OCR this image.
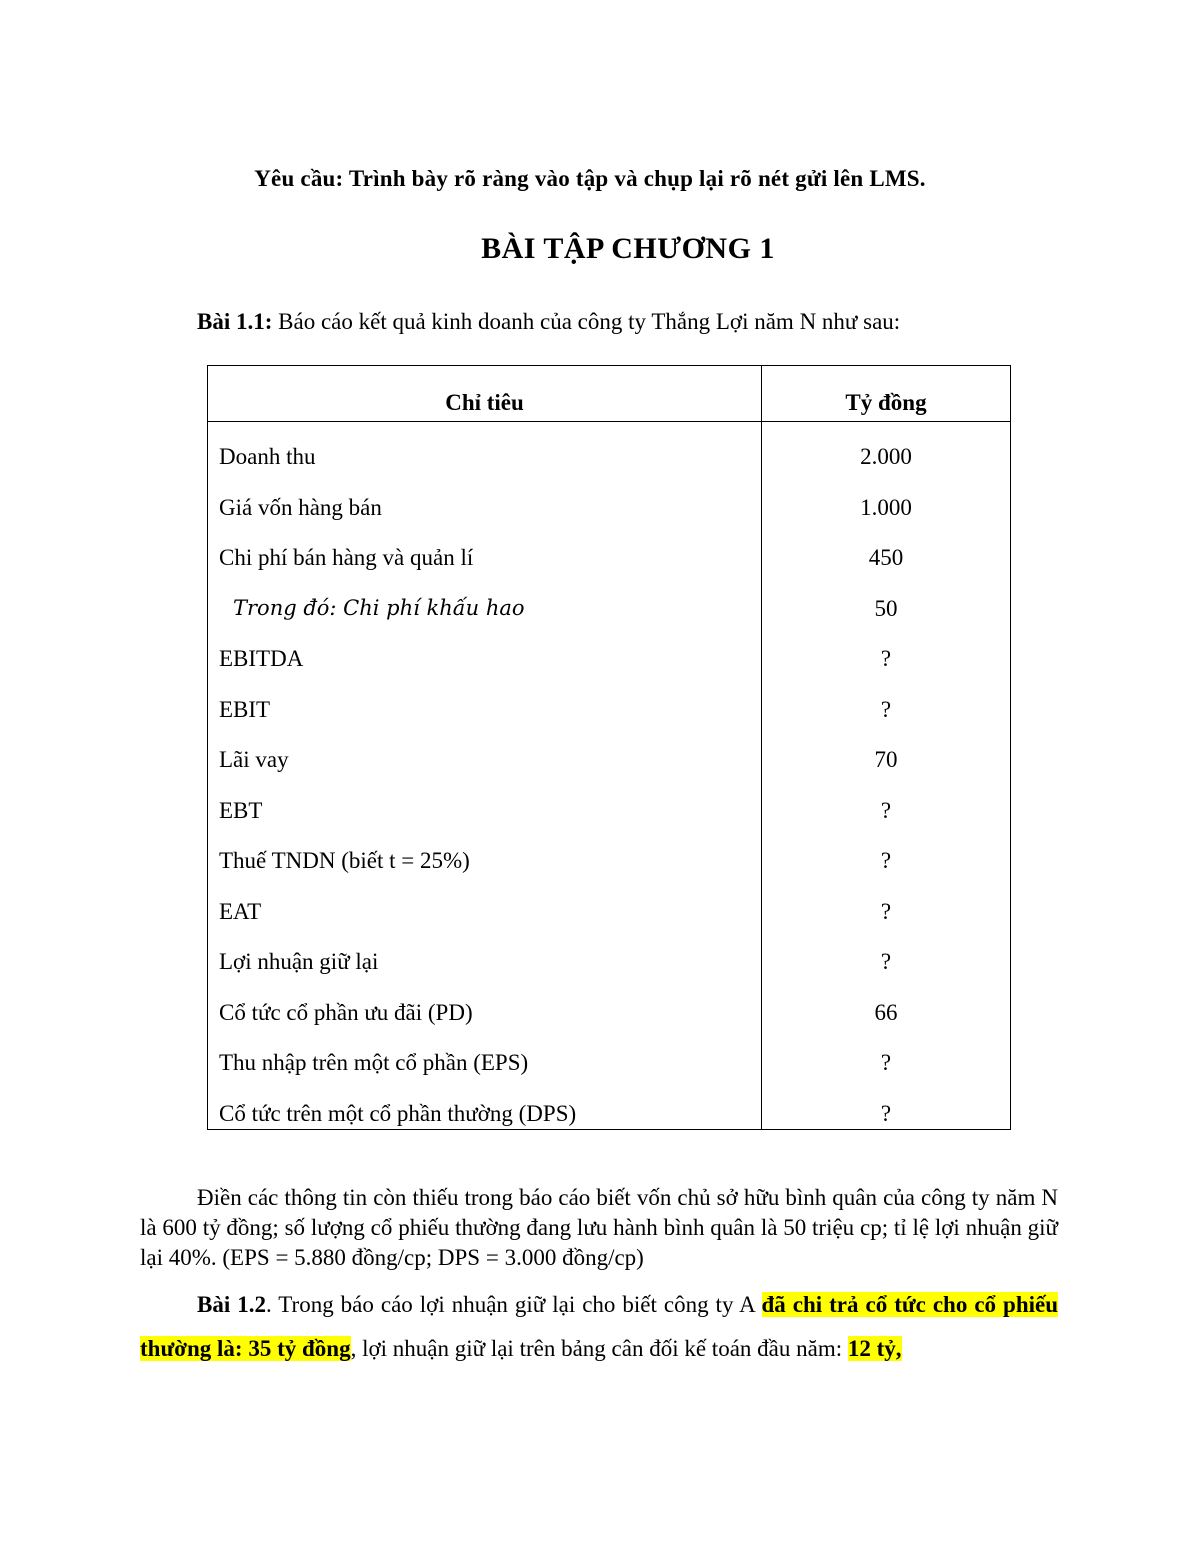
Yêu cầu: Trình bày rõ ràng vào tập và chụp lại rõ nét gửi lên LMS.
BÀI TẬP CHƯƠNG 1
Bài 1.1: Báo cáo kết quả kinh doanh của công ty Thắng Lợi năm N như sau:
Chỉ tiêu	Tỷ đồng
Doanh thu	2.000
Giá vốn hàng bán	1.000
Chi phí bán hàng và quản lí	450
Trong đó: Chi phí khấu hao	50
EBITDA	?
EBIT	?
Lãi vay	70
EBT	?
Thuế TNDN (biết t = 25%)	?
EAT	?
Lợi nhuận giữ lại	?
Cổ tức cổ phần ưu đãi (PD)	66
Thu nhập trên một cổ phần (EPS)	?
Cổ tức trên một cổ phần thường (DPS)	?
Điền các thông tin còn thiếu trong báo cáo biết vốn chủ sở hữu bình quân của công ty năm N là 600 tỷ đồng; số lượng cổ phiếu thường đang lưu hành bình quân là 50 triệu cp; tỉ lệ lợi nhuận giữ lại 40%. (EPS = 5.880 đồng/cp; DPS = 3.000 đồng/cp)
Bài 1.2. Trong báo cáo lợi nhuận giữ lại cho biết công ty A đã chi trả cổ tức cho cổ phiếu thường là: 35 tỷ đồng, lợi nhuận giữ lại trên bảng cân đối kế toán đầu năm: 12 tỷ,
